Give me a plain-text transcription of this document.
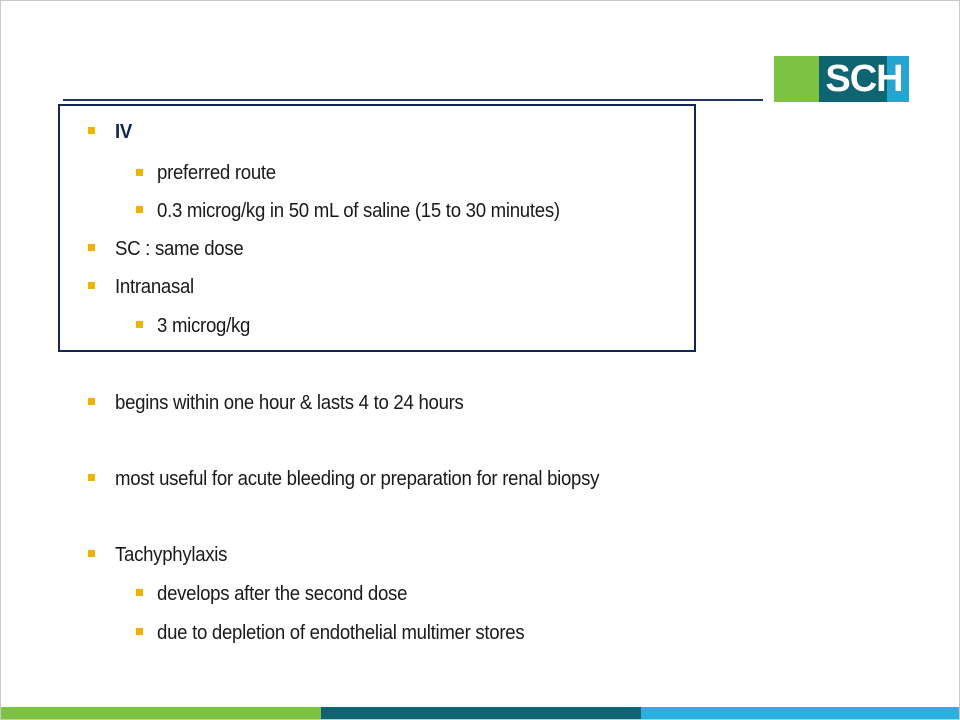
SCH
IV
preferred route
0.3 microg/kg in 50 mL of saline (15 to 30 minutes)
SC : same dose
Intranasal
3 microg/kg
begins within one hour & lasts 4 to 24 hours
most useful for acute bleeding or preparation for renal biopsy
Tachyphylaxis
develops after the second dose
due to depletion of endothelial multimer stores
